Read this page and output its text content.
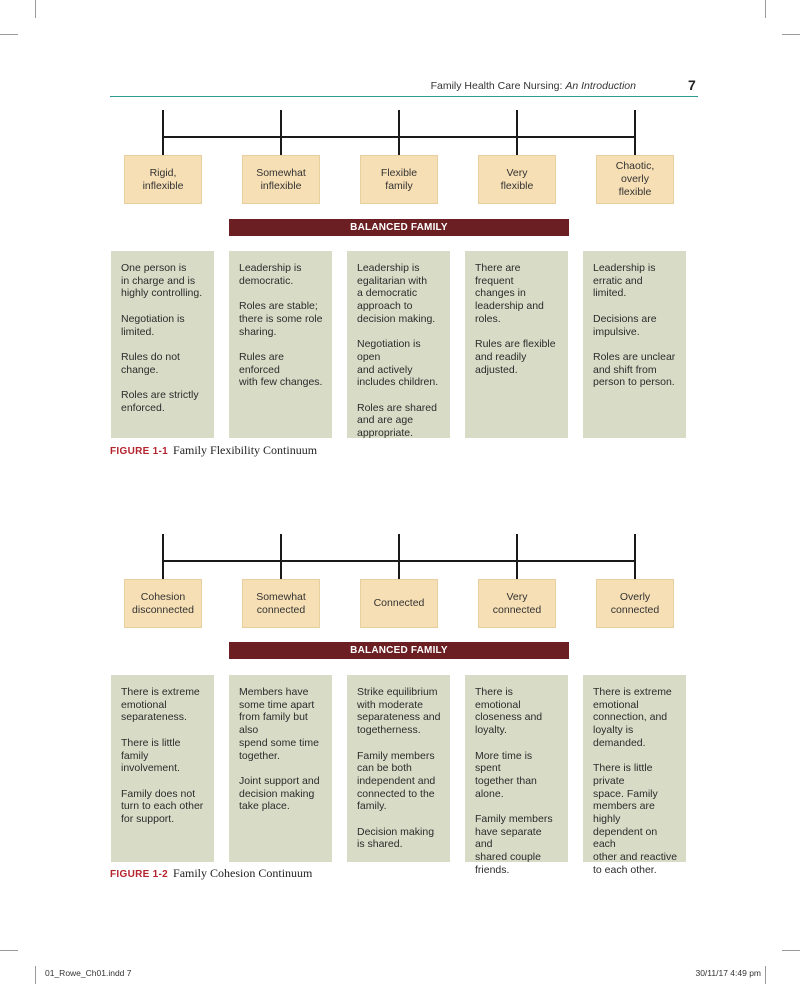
Family Health Care Nursing: An Introduction	7
Rigid,
inflexible

One person is
in charge and is
highly controlling.

Negotiation is
limited.

Rules do not
change.

Roles are strictly
enforced.

Somewhat
inflexible

Leadership is
democratic.

Roles are stable;
there is some role
sharing.

Rules are enforced
with few changes.

Flexible
family

Leadership is
egalitarian with
a democratic
approach to
decision making.

Negotiation is open
and actively
includes children.

Roles are shared
and are age
appropriate.

Very
flexible

There are frequent
changes in
leadership and roles.

Rules are flexible
and readily adjusted.

Chaotic,
overly
flexible

Leadership is
erratic and limited.

Decisions are
impulsive.

Roles are unclear
and shift from
person to person.

BALANCED FAMILY
FIGURE 1-1 Family Flexibility Continuum
Cohesion
disconnected

There is extreme
emotional
separateness.

There is little family
involvement.

Family does not
turn to each other
for support.

Somewhat
connected

Members have
some time apart
from family but also
spend some time
together.

Joint support and
decision making
take place.

Connected

Strike equilibrium
with moderate
separateness and
togetherness.

Family members
can be both
independent and
connected to the
family.

Decision making
is shared.

Very
connected

There is emotional
closeness and
loyalty.

More time is spent
together than alone.

Family members
have separate and
shared couple
friends.

Overly
connected

There is extreme
emotional
connection, and
loyalty is demanded.

There is little private
space. Family
members are highly
dependent on each
other and reactive
to each other.

BALANCED FAMILY
FIGURE 1-2 Family Cohesion Continuum
01_Rowe_Ch01.indd 7	30/11/17 4:49 pm
